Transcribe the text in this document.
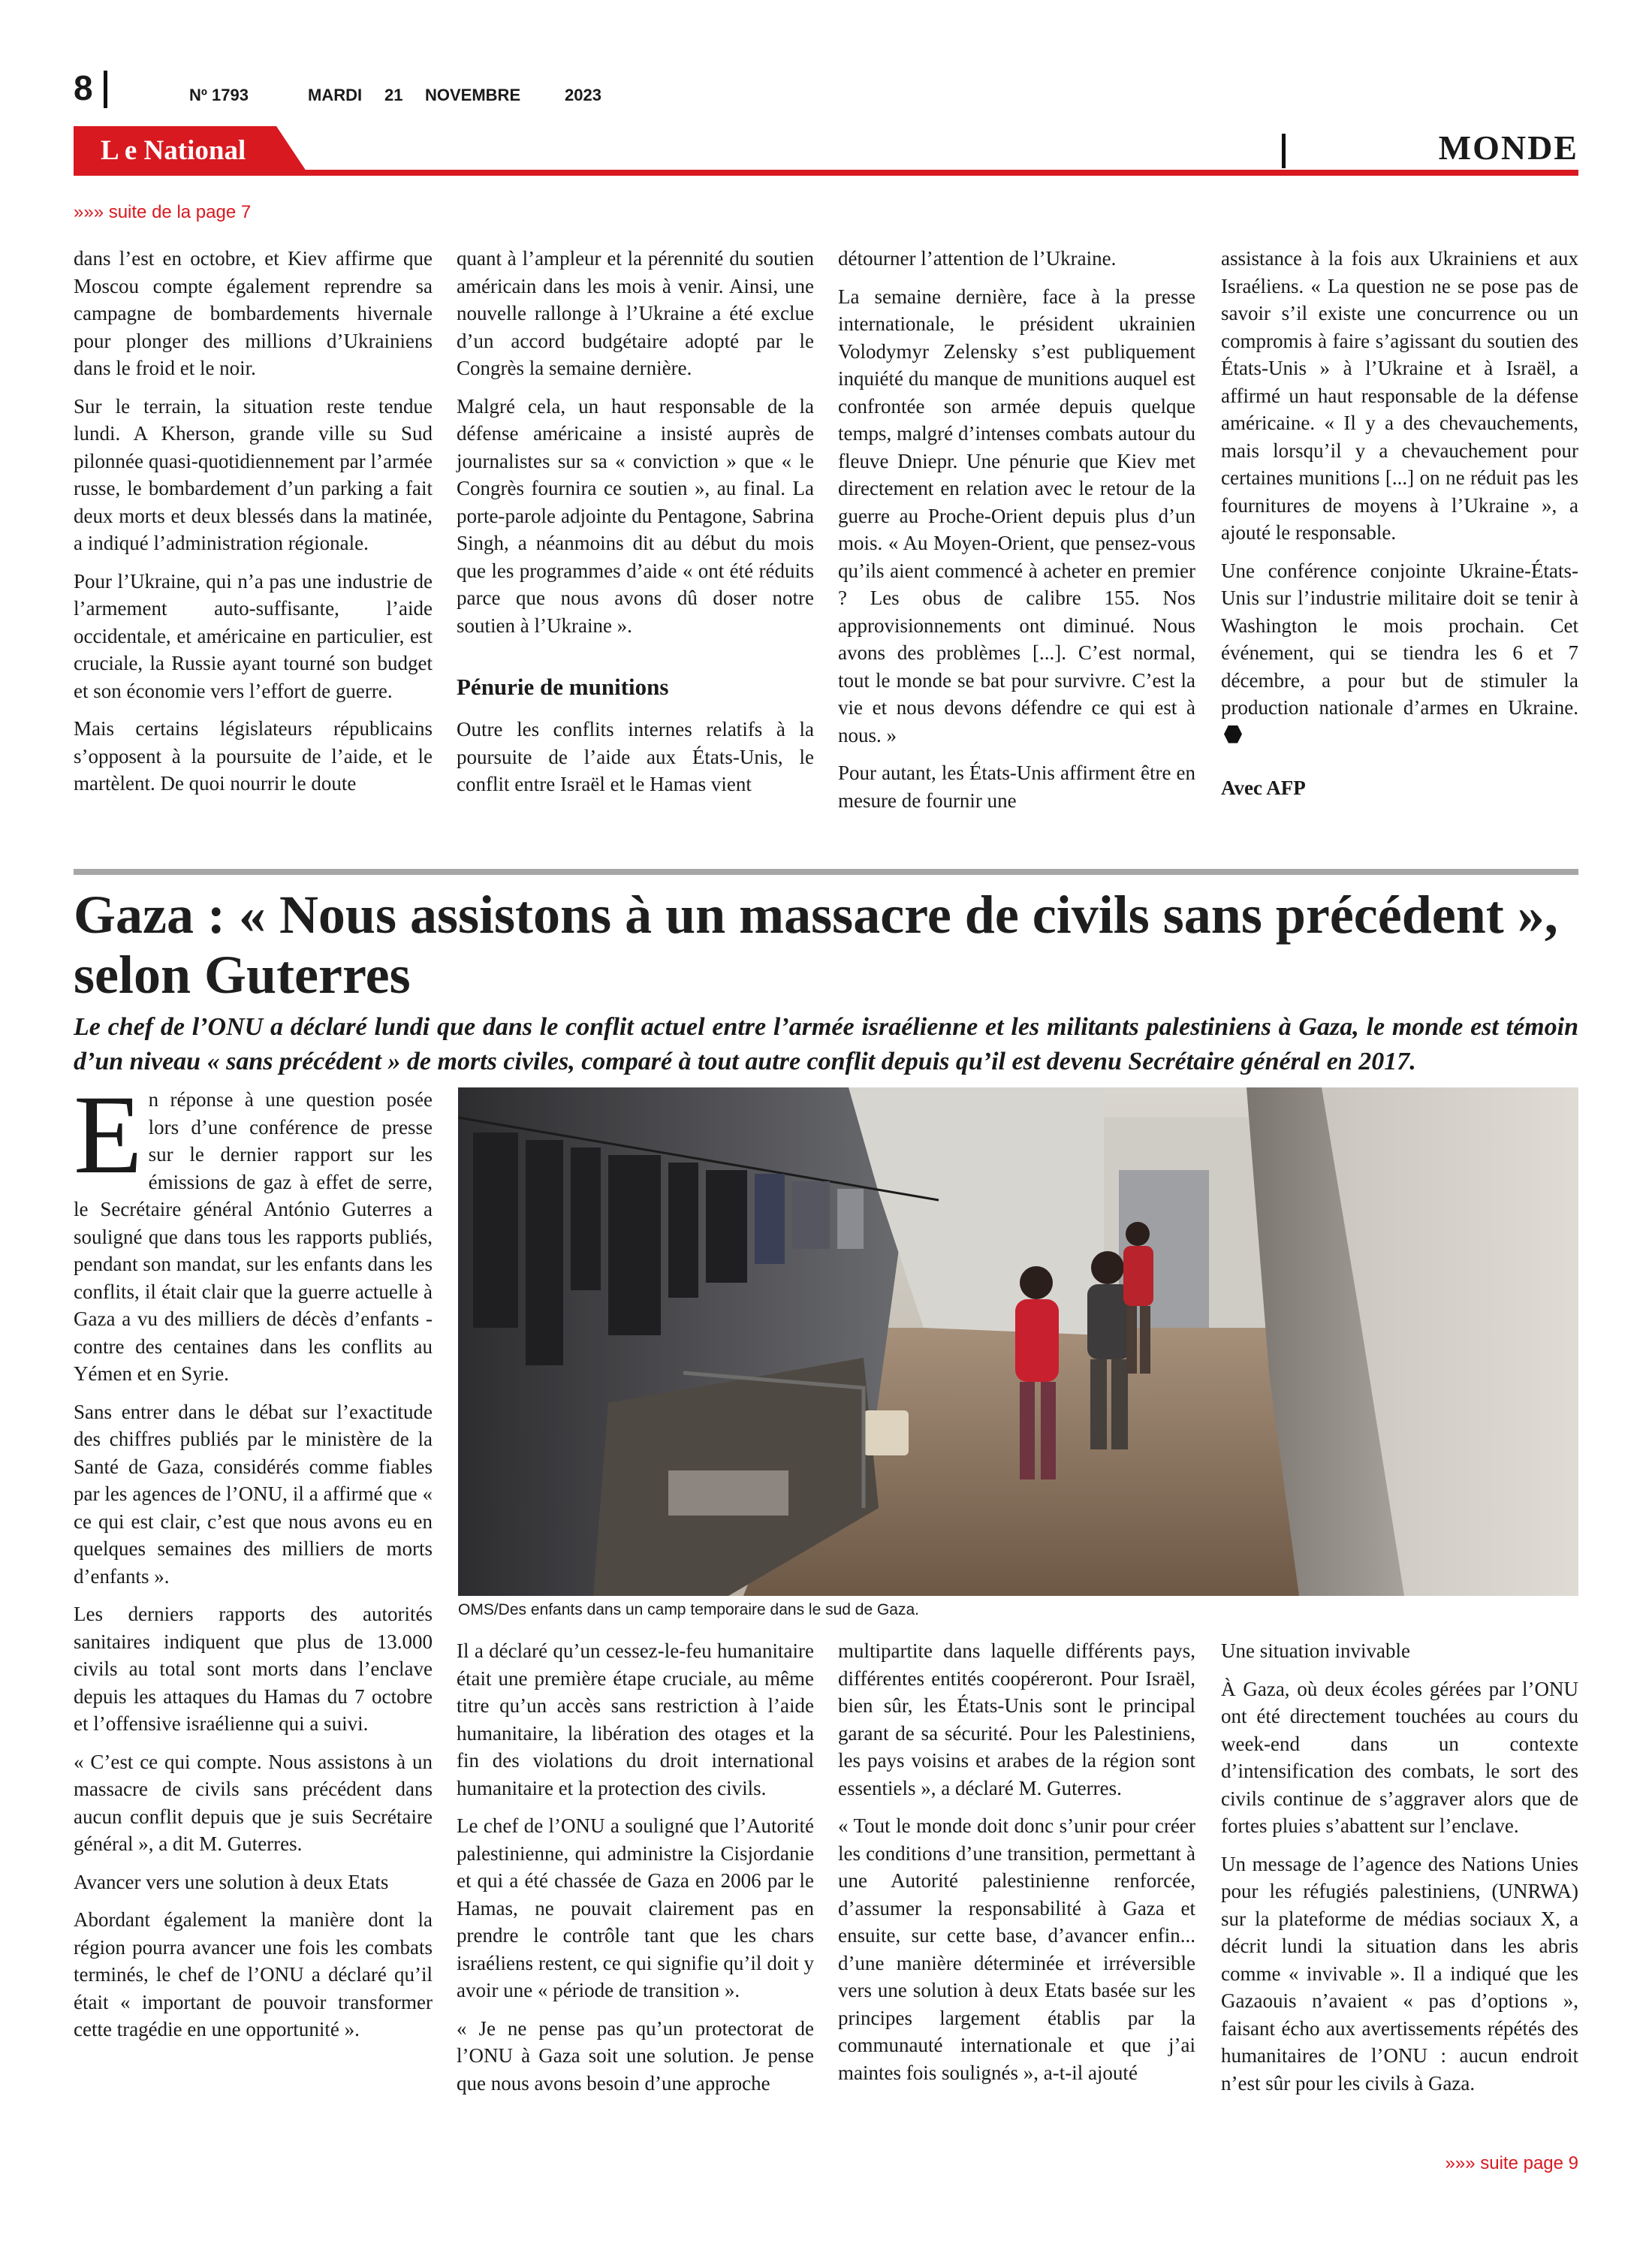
8	Nº 1793	MARDI 21 NOVEMBRE	2023
L e National	MONDE
»»» suite de la page 7

dans l’est en octobre, et Kiev affirme que Moscou compte également reprendre sa campagne de bombardements hivernale pour plonger des millions d’Ukrainiens dans le froid et le noir.

Sur le terrain, la situation reste tendue lundi. A Kherson, grande ville su Sud pilonnée quasi-quotidiennement par l’armée russe, le bombardement d’un parking a fait deux morts et deux blessés dans la matinée, a indiqué l’administration régionale.

Pour l’Ukraine, qui n’a pas une industrie de l’armement auto-suffisante, l’aide occidentale, et américaine en particulier, est cruciale, la Russie ayant tourné son budget et son économie vers l’effort de guerre.

Mais certains législateurs républicains s’opposent à la poursuite de l’aide, et le martèlent. De quoi nourrir le doute

quant à l’ampleur et la pérennité du soutien américain dans les mois à venir. Ainsi, une nouvelle rallonge à l’Ukraine a été exclue d’un accord budgétaire adopté par le Congrès la semaine dernière.

Malgré cela, un haut responsable de la défense américaine a insisté auprès de journalistes sur sa « conviction » que « le Congrès fournira ce soutien », au final. La porte-parole adjointe du Pentagone, Sabrina Singh, a néanmoins dit au début du mois que les programmes d’aide « ont été réduits parce que nous avons dû doser notre soutien à l’Ukraine ».

Pénurie de munitions

Outre les conflits internes relatifs à la poursuite de l’aide aux États-Unis, le conflit entre Israël et le Hamas vient

détourner l’attention de l’Ukraine.

La semaine dernière, face à la presse internationale, le président ukrainien Volodymyr Zelensky s’est publiquement inquiété du manque de munitions auquel est confrontée son armée depuis quelque temps, malgré d’intenses combats autour du fleuve Dniepr. Une pénurie que Kiev met directement en relation avec le retour de la guerre au Proche-Orient depuis plus d’un mois. « Au Moyen-Orient, que pensez-vous qu’ils aient commencé à acheter en premier ? Les obus de calibre 155. Nos approvisionnements ont diminué. Nous avons des problèmes [...]. C’est normal, tout le monde se bat pour survivre. C’est la vie et nous devons défendre ce qui est à nous. »

Pour autant, les États-Unis affirment être en mesure de fournir une

assistance à la fois aux Ukrainiens et aux Israéliens. « La question ne se pose pas de savoir s’il existe une concurrence ou un compromis à faire s’agissant du soutien des États-Unis » à l’Ukraine et à Israël, a affirmé un haut responsable de la défense américaine. « Il y a des chevauchements, mais lorsqu’il y a chevauchement pour certaines munitions [...] on ne réduit pas les fournitures de moyens à l’Ukraine », a ajouté le responsable.

Une conférence conjointe Ukraine-États-Unis sur l’industrie militaire doit se tenir à Washington le mois prochain. Cet événement, qui se tiendra les 6 et 7 décembre, a pour but de stimuler la production nationale d’armes en Ukraine.

Avec AFP
Gaza : « Nous assistons à un massacre de civils sans précédent », selon Guterres
Le chef de l’ONU a déclaré lundi que dans le conflit actuel entre l’armée israélienne et les militants palestiniens à Gaza, le monde est témoin d’un niveau « sans précédent » de morts civiles, comparé à tout autre conflit depuis qu’il est devenu Secrétaire général en 2017.

En réponse à une question posée lors d’une conférence de presse sur le dernier rapport sur les émissions de gaz à effet de serre, le Secrétaire général António Guterres a souligné que dans tous les rapports publiés, pendant son mandat, sur les enfants dans les conflits, il était clair que la guerre actuelle à Gaza a vu des milliers de décès d’enfants - contre des centaines dans les conflits au Yémen et en Syrie.

Sans entrer dans le débat sur l’exactitude des chiffres publiés par le ministère de la Santé de Gaza, considérés comme fiables par les agences de l’ONU, il a affirmé que « ce qui est clair, c’est que nous avons eu en quelques semaines des milliers de morts d’enfants ».

Les derniers rapports des autorités sanitaires indiquent que plus de 13.000 civils au total sont morts dans l’enclave depuis les attaques du Hamas du 7 octobre et l’offensive israélienne qui a suivi.

« C’est ce qui compte. Nous assistons à un massacre de civils sans précédent dans aucun conflit depuis que je suis Secrétaire général », a dit M. Guterres.

Avancer vers une solution à deux Etats

Abordant également la manière dont la région pourra avancer une fois les combats terminés, le chef de l’ONU a déclaré qu’il était « important de pouvoir transformer cette tragédie en une opportunité ».

OMS/Des enfants dans un camp temporaire dans le sud de Gaza.

Il a déclaré qu’un cessez-le-feu humanitaire était une première étape cruciale, au même titre qu’un accès sans restriction à l’aide humanitaire, la libération des otages et la fin des violations du droit international humanitaire et la protection des civils.

Le chef de l’ONU a souligné que l’Autorité palestinienne, qui administre la Cisjordanie et qui a été chassée de Gaza en 2006 par le Hamas, ne pouvait clairement pas en prendre le contrôle tant que les chars israéliens restent, ce qui signifie qu’il doit y avoir une « période de transition ».

« Je ne pense pas qu’un protectorat de l’ONU à Gaza soit une solution. Je pense que nous avons besoin d’une approche

multipartite dans laquelle différents pays, différentes entités coopéreront. Pour Israël, bien sûr, les États-Unis sont le principal garant de sa sécurité. Pour les Palestiniens, les pays voisins et arabes de la région sont essentiels », a déclaré M. Guterres.

« Tout le monde doit donc s’unir pour créer les conditions d’une transition, permettant à une Autorité palestinienne renforcée, d’assumer la responsabilité à Gaza et ensuite, sur cette base, d’avancer enfin... d’une manière déterminée et irréversible vers une solution à deux Etats basée sur les principes largement établis par la communauté internationale et que j’ai maintes fois soulignés », a-t-il ajouté

Une situation invivable

À Gaza, où deux écoles gérées par l’ONU ont été directement touchées au cours du week-end dans un contexte d’intensification des combats, le sort des civils continue de s’aggraver alors que de fortes pluies s’abattent sur l’enclave.

Un message de l’agence des Nations Unies pour les réfugiés palestiniens, (UNRWA) sur la plateforme de médias sociaux X, a décrit lundi la situation dans les abris comme « invivable ». Il a indiqué que les Gazaouis n’avaient « pas d’options », faisant écho aux avertissements répétés des humanitaires de l’ONU : aucun endroit n’est sûr pour les civils à Gaza.

»»» suite page 9
